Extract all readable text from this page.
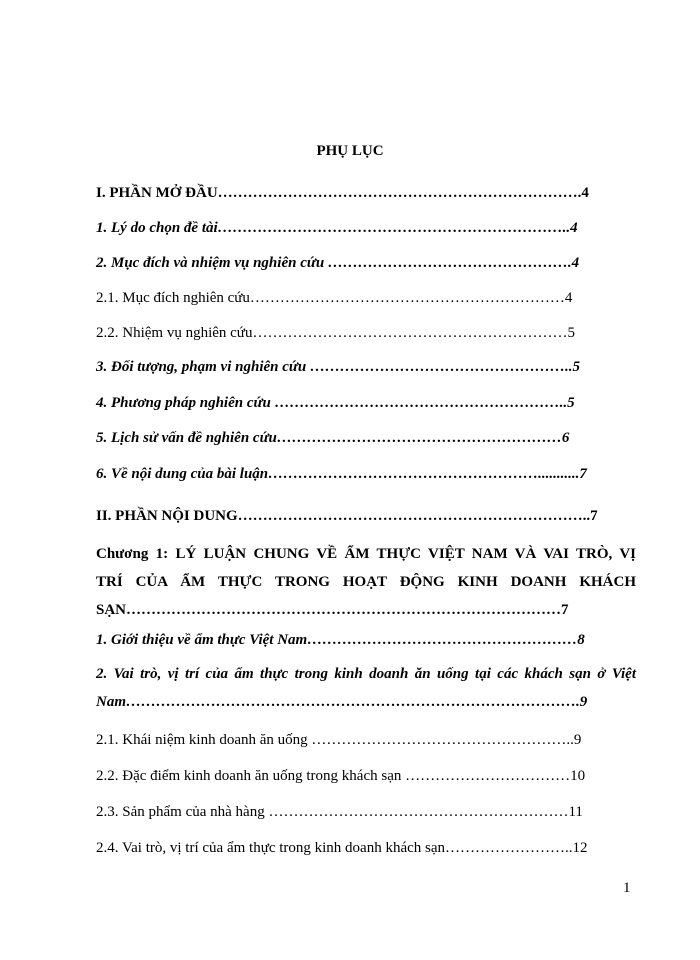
PHỤ LỤC
I. PHẦN MỞ ĐẦU……………………………………………………………….4
1. Lý do chọn đề tài……………………………………………………………..4
2. Mục đích và nhiệm vụ nghiên cứu ………………………………………….4
2.1. Mục đích nghiên cứu………………………………………………………4
2.2. Nhiệm vụ nghiên cứu………………………………………………………5
3. Đối tượng, phạm vi nghiên cứu ……………………………………………..5
4. Phương pháp nghiên cứu …………………………………………………..5
5. Lịch sử vấn đề nghiên cứu…………………………………………………6
6. Về nội dung của bài luận………………………………………………...........7
II. PHẦN NỘI DUNG……………………………………………………………..7
Chương 1: LÝ LUẬN CHUNG VỀ ẨM THỰC VIỆT NAM VÀ VAI TRÒ, VỊ
TRÍ CỦA ẨM THỰC TRONG HOẠT ĐỘNG KINH DOANH KHÁCH
SẠN……………………………………………………………………………7
1. Giới thiệu về ẩm thực Việt Nam………………………………………………8
2. Vai trò, vị trí của ẩm thực trong kinh doanh ăn uống tại các khách sạn ở Việt
Nam……………………………………………………………………………….9
2.1. Khái niệm kinh doanh ăn uống ……………………………………………..9
2.2. Đặc điểm kinh doanh ăn uống trong khách sạn ……………………………10
2.3. Sản phẩm của nhà hàng ……………………………………………………11
2.4. Vai trò, vị trí của ẩm thực trong kinh doanh khách sạn……………………..12
1
